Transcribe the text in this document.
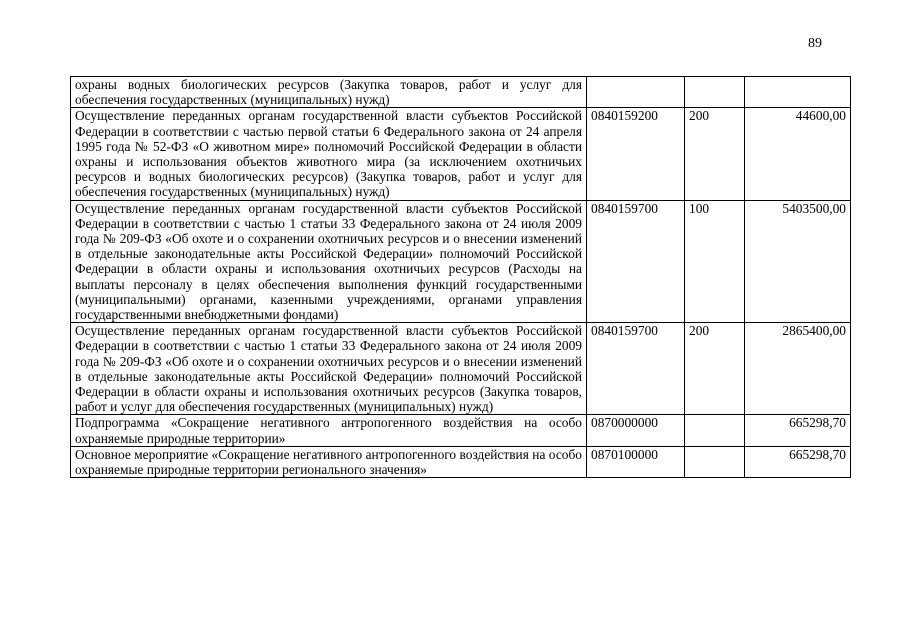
89
охраны водных биологических ресурсов (Закупка товаров, работ и услуг для обеспечения государственных (муниципальных) нужд)			
Осуществление переданных органам государственной власти субъектов Российской Федерации в соответствии с частью первой статьи 6 Федерального закона от 24 апреля 1995 года № 52-ФЗ «О животном мире» полномочий Российской Федерации в области охраны и использования объектов животного мира (за исключением охотничьих ресурсов и водных биологических ресурсов) (Закупка товаров, работ и услуг для обеспечения государственных (муниципальных) нужд)	0840159200	200	44600,00
Осуществление переданных органам государственной власти субъектов Российской Федерации в соответствии с частью 1 статьи 33 Федерального закона от 24 июля 2009 года № 209-ФЗ «Об охоте и о сохранении охотничьих ресурсов и о внесении изменений в отдельные законодательные акты Российской Федерации» полномочий Российской Федерации в области охраны и использования охотничьих ресурсов (Расходы на выплаты персоналу в целях обеспечения выполнения функций государственными (муниципальными) органами, казенными учреждениями, органами управления государственными внебюджетными фондами)	0840159700	100	5403500,00
Осуществление переданных органам государственной власти субъектов Российской Федерации в соответствии с частью 1 статьи 33 Федерального закона от 24 июля 2009 года № 209-ФЗ «Об охоте и о сохранении охотничьих ресурсов и о внесении изменений в отдельные законодательные акты Российской Федерации» полномочий Российской Федерации в области охраны и использования охотничьих ресурсов (Закупка товаров, работ и услуг для обеспечения государственных (муниципальных) нужд)	0840159700	200	2865400,00
Подпрограмма «Сокращение негативного антропогенного воздействия на особо охраняемые природные территории»	0870000000		665298,70
Основное мероприятие «Сокращение негативного антропогенного воздействия на особо охраняемые природные территории регионального значения»	0870100000		665298,70
